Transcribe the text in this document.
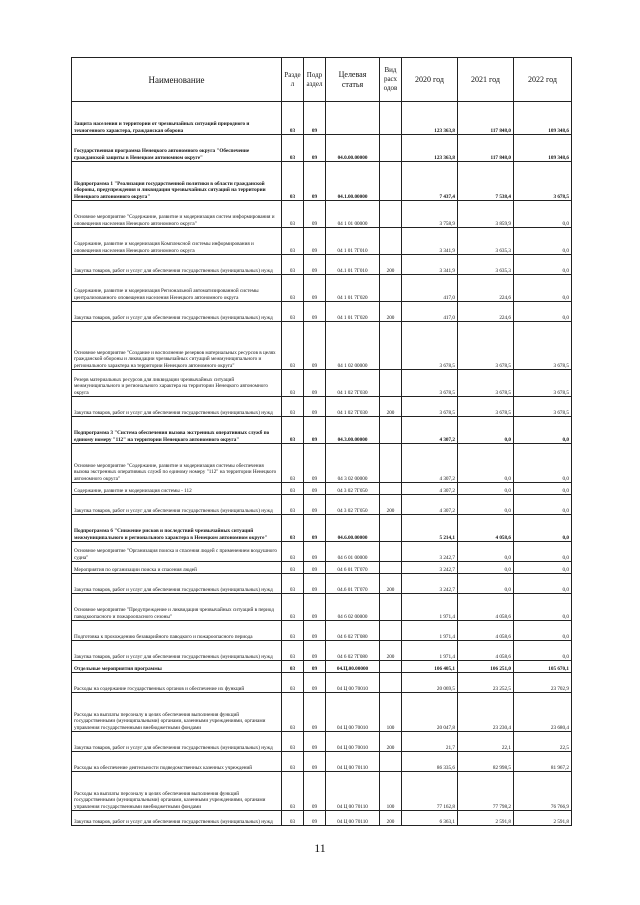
Наименование	Разде л	Подр аздел	Целевая статья	Вид расх одов	2020 год	2021 год	2022 год
Защита населения и территории от чрезвычайных ситуаций природного и техногенного характера, гражданская оборона	03	09			123 363,8	117 848,0	109 348,6
Государственная программа Ненецкого автономного округа "Обеспечение гражданской защиты в Ненецком автономном округе"	03	09	04.0.00.00000		123 363,8	117 848,0	109 348,6
Подпрограмма 1 "Реализация государственной политики в области гражданской обороны, предупреждения и ликвидации чрезвычайных ситуаций на территории Ненецкого автономного округа"	03	09	04.1.00.00000		7 437,4	7 538,4	3 678,5
Основное мероприятие "Содержание, развитие и модернизация систем информирования и оповещения населения Ненецкого автономного округа"	03	09	04 1 01 00000		3 758,9	3 859,9	0,0
Содержание, развитие и модернизация Комплексной системы информирования и оповещения населения Ненецкого автономного округа	03	09	04 1 01 7Г010		3 341,9	3 635,3	0,0
Закупка товаров, работ и услуг для обеспечения государственных (муниципальных) нужд	03	09	04.1 01 7Г010	200	3 341,9	3 635,3	0,0
Содержание, развитие и модернизация Региональной автоматизированной системы централизованного оповещения населения Ненецкого автономного округа	03	09	04 1 01 7Г020		417,0	224,6	0,0
Закупка товаров, работ и услуг для обеспечения государственных (муниципальных) нужд	03	09	04 1 01 7Г020	200	417,0	224,6	0,0
Основное мероприятие "Создание и восполнение резервов материальных ресурсов в целях гражданской обороны и ликвидации чрезвычайных ситуаций межмуниципального и регионального характера на территории Ненецкого автономного округа"	03	09	04 1 02 00000		3 678,5	3 678,5	3 678,5
Резерв материальных ресурсов для ликвидации чрезвычайных ситуаций межмуниципального и регионального характера на территории Ненецкого автономного округа	03	09	04 1 02 7Г030		3 678,5	3 678,5	3 678,5
Закупка товаров, работ и услуг для обеспечения государственных (муниципальных) нужд	03	09	04 1 02 7Г030	200	3 678,5	3 678,5	3 678,5
Подпрограмма 3 "Система обеспечения вызова экстренных оперативных служб по единому номеру "112" на территории Ненецкого автономного округа"	03	09	04.3.00.00000		4 307,2	0,0	0,0
Основное мероприятие "Содержание, развитие и модернизация системы обеспечения вызова экстренных оперативных служб по единому номеру "112" на территории Ненецкого автономного округа"	03	09	04 3 02 00000		4 307,2	0,0	0,0
Содержание, развитие и модернизация системы - 112	03	09	04 3 02 7Г050		4 307,2	0,0	0,0
Закупка товаров, работ и услуг для обеспечения государственных (муниципальных) нужд	03	09	04 3 02 7Г050	200	4 307,2	0,0	0,0
Подпрограмма 6 "Снижение рисков и последствий чрезвычайных ситуаций межмуниципального и регионального характера в Ненецком автономном округе"	03	09	04.6.00.00000		5 214,1	4 058,6	0,0
Основное мероприятие "Организация поиска и спасения людей с применением воздушного судна"	03	09	04 6 01 00000		3 242,7	0,0	0,0
Мероприятия по организации поиска и спасения людей	03	09	04 6 01 7Г070		3 242,7	0,0	0,0
Закупка товаров, работ и услуг для обеспечения государственных (муниципальных) нужд	03	09	04.6 01 7Г070	200	3 242,7	0,0	0,0
Основное мероприятие "Предупреждение и ликвидация чрезвычайных ситуаций в период паводкоопасного и пожароопасного сезоны"	03	09	04 6 02 00000		1 971,4	4 058,6	0,0
Подготовка к прохождению безаварийного паводкого и пожароопасного периода	03	09	04 6 02 7Г080		1 971,4	4 058,6	0,0
Закупка товаров, работ и услуг для обеспечения государственных (муниципальных) нужд	03	09	04 6 02 7Г080	200	1 971,4	4 058,6	0,0
Отдельные мероприятия программы	03	09	04.Ц.00.00000		106 405,1	106 251,0	105 670,1
Расходы на содержание государственных органов и обеспечение их функций	03	09	04 Ц 00 70010		20 069,5	23 252,5	23 702,9
Расходы на выплаты персоналу в целях обеспечения выполнения функций государственными (муниципальными) органами, казенными учреждениями, органами управления государственными внебюджетными фондами	03	09	04 Ц 00 70010	100	20 047,8	23 230,4	23 680,4
Закупка товаров, работ и услуг для обеспечения государственных (муниципальных) нужд	03	09	04 Ц 00 70010	200	21,7	22,1	22,5
Расходы на обеспечение деятельности подведомственных казенных учреждений	03	09	04 Ц 00 70110		86 335,6	82 998,5	81 967,2
Расходы на выплаты персоналу в целях обеспечения выполнения функций государственными (муниципальными) органами, казенными учреждениями, органами управления государственными внебюджетными фондами	03	09	04 Ц 00 70110	100	77 162,8	77 798,2	76 766,9
Закупка товаров, работ и услуг для обеспечения государственных (муниципальных) нужд	03	09	04 Ц 00 70110	200	6 363,1	2 591,8	2 591,8
11
